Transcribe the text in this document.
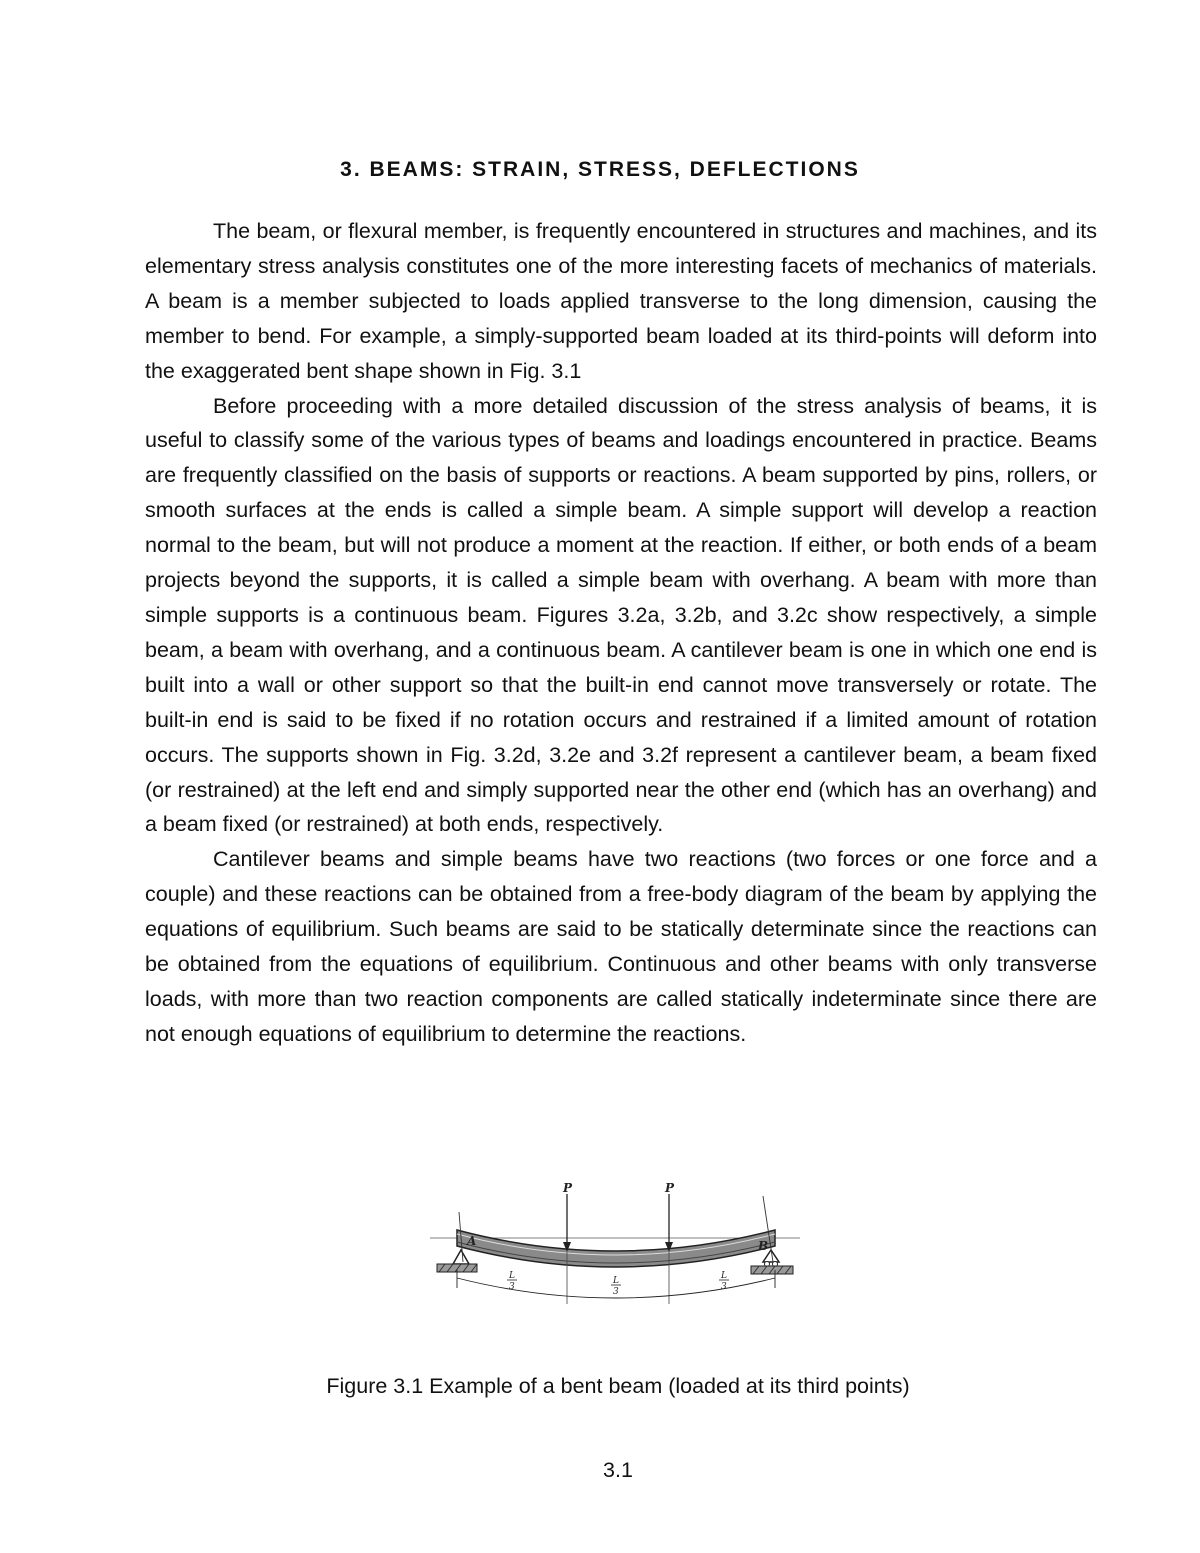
3. BEAMS: STRAIN, STRESS, DEFLECTIONS

The beam, or flexural member, is frequently encountered in structures and machines, and its elementary stress analysis constitutes one of the more interesting facets of mechanics of materials. A beam is a member subjected to loads applied transverse to the long dimension, causing the member to bend. For example, a simply-supported beam loaded at its third-points will deform into the exaggerated bent shape shown in Fig. 3.1

Before proceeding with a more detailed discussion of the stress analysis of beams, it is useful to classify some of the various types of beams and loadings encountered in practice. Beams are frequently classified on the basis of supports or reactions. A beam supported by pins, rollers, or smooth surfaces at the ends is called a simple beam. A simple support will develop a reaction normal to the beam, but will not produce a moment at the reaction. If either, or both ends of a beam projects beyond the supports, it is called a simple beam with overhang. A beam with more than simple supports is a continuous beam. Figures 3.2a, 3.2b, and 3.2c show respectively, a simple beam, a beam with overhang, and a continuous beam. A cantilever beam is one in which one end is built into a wall or other support so that the built-in end cannot move transversely or rotate. The built-in end is said to be fixed if no rotation occurs and restrained if a limited amount of rotation occurs. The supports shown in Fig. 3.2d, 3.2e and 3.2f represent a cantilever beam, a beam fixed (or restrained) at the left end and simply supported near the other end (which has an overhang) and a beam fixed (or restrained) at both ends, respectively.

Cantilever beams and simple beams have two reactions (two forces or one force and a couple) and these reactions can be obtained from a free-body diagram of the beam by applying the equations of equilibrium. Such beams are said to be statically determinate since the reactions can be obtained from the equations of equilibrium. Continuous and other beams with only transverse loads, with more than two reaction components are called statically indeterminate since there are not enough equations of equilibrium to determine the reactions.

P	P
A	B
L
3
L
3
L
3
Figure 3.1 Example of a bent beam (loaded at its third points)
3.1
